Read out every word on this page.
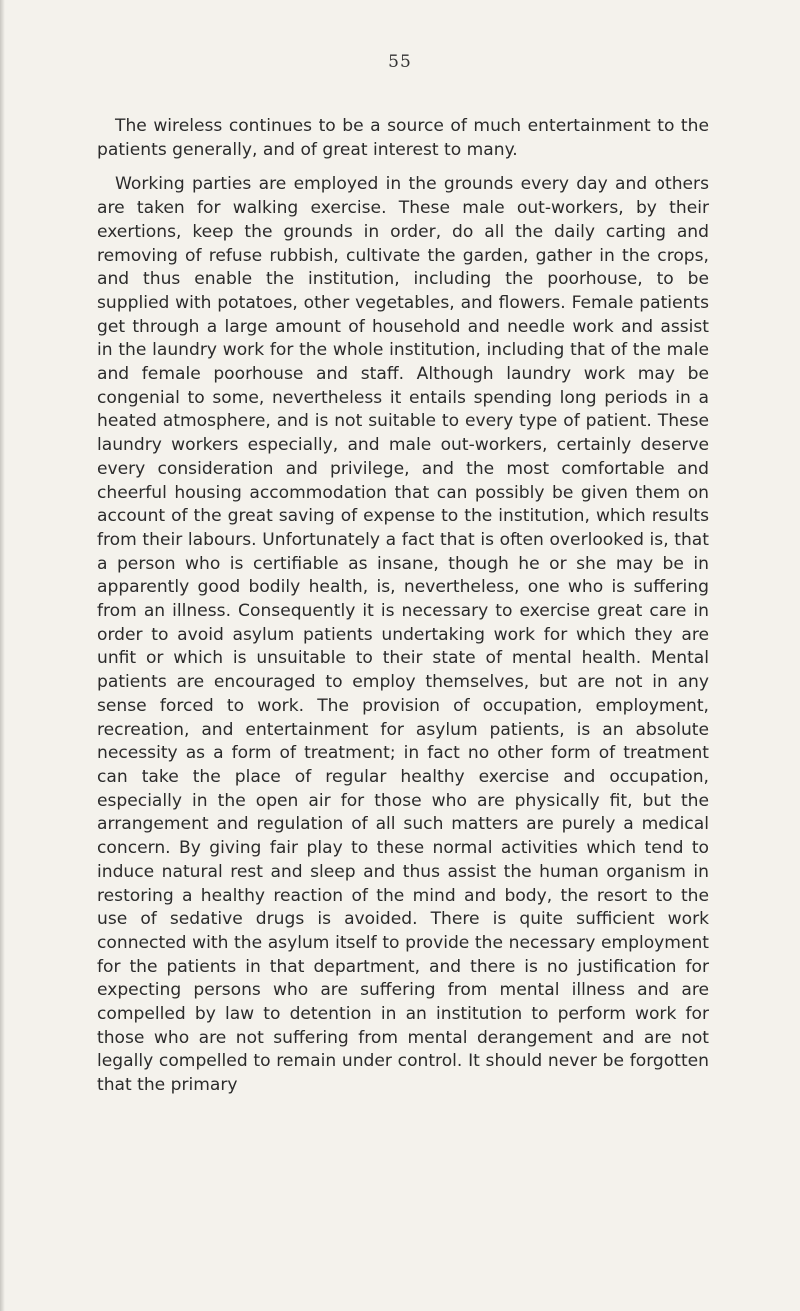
55

The wireless continues to be a source of much entertainment to the patients generally, and of great interest to many.

Working parties are employed in the grounds every day and others are taken for walking exercise. These male out-workers, by their exertions, keep the grounds in order, do all the daily carting and removing of refuse rubbish, cultivate the garden, gather in the crops, and thus enable the institution, including the poorhouse, to be supplied with potatoes, other vegetables, and flowers. Female patients get through a large amount of household and needle work and assist in the laundry work for the whole institution, including that of the male and female poorhouse and staff. Although laundry work may be congenial to some, nevertheless it entails spending long periods in a heated atmosphere, and is not suitable to every type of patient. These laundry workers especially, and male out-workers, certainly deserve every consideration and privilege, and the most comfortable and cheerful housing accommodation that can possibly be given them on account of the great saving of expense to the institution, which results from their labours. Unfortunately a fact that is often overlooked is, that a person who is certifiable as insane, though he or she may be in apparently good bodily health, is, nevertheless, one who is suffering from an illness. Consequently it is necessary to exercise great care in order to avoid asylum patients undertaking work for which they are unfit or which is unsuitable to their state of mental health. Mental patients are encouraged to employ themselves, but are not in any sense forced to work. The provision of occupation, employment, recreation, and entertainment for asylum patients, is an absolute necessity as a form of treatment; in fact no other form of treatment can take the place of regular healthy exercise and occupation, especially in the open air for those who are physically fit, but the arrangement and regulation of all such matters are purely a medical concern. By giving fair play to these normal activities which tend to induce natural rest and sleep and thus assist the human organism in restoring a healthy reaction of the mind and body, the resort to the use of sedative drugs is avoided. There is quite sufficient work connected with the asylum itself to provide the necessary employment for the patients in that department, and there is no justification for expecting persons who are suffering from mental illness and are compelled by law to detention in an institution to perform work for those who are not suffering from mental derangement and are not legally compelled to remain under control. It should never be forgotten that the primary
